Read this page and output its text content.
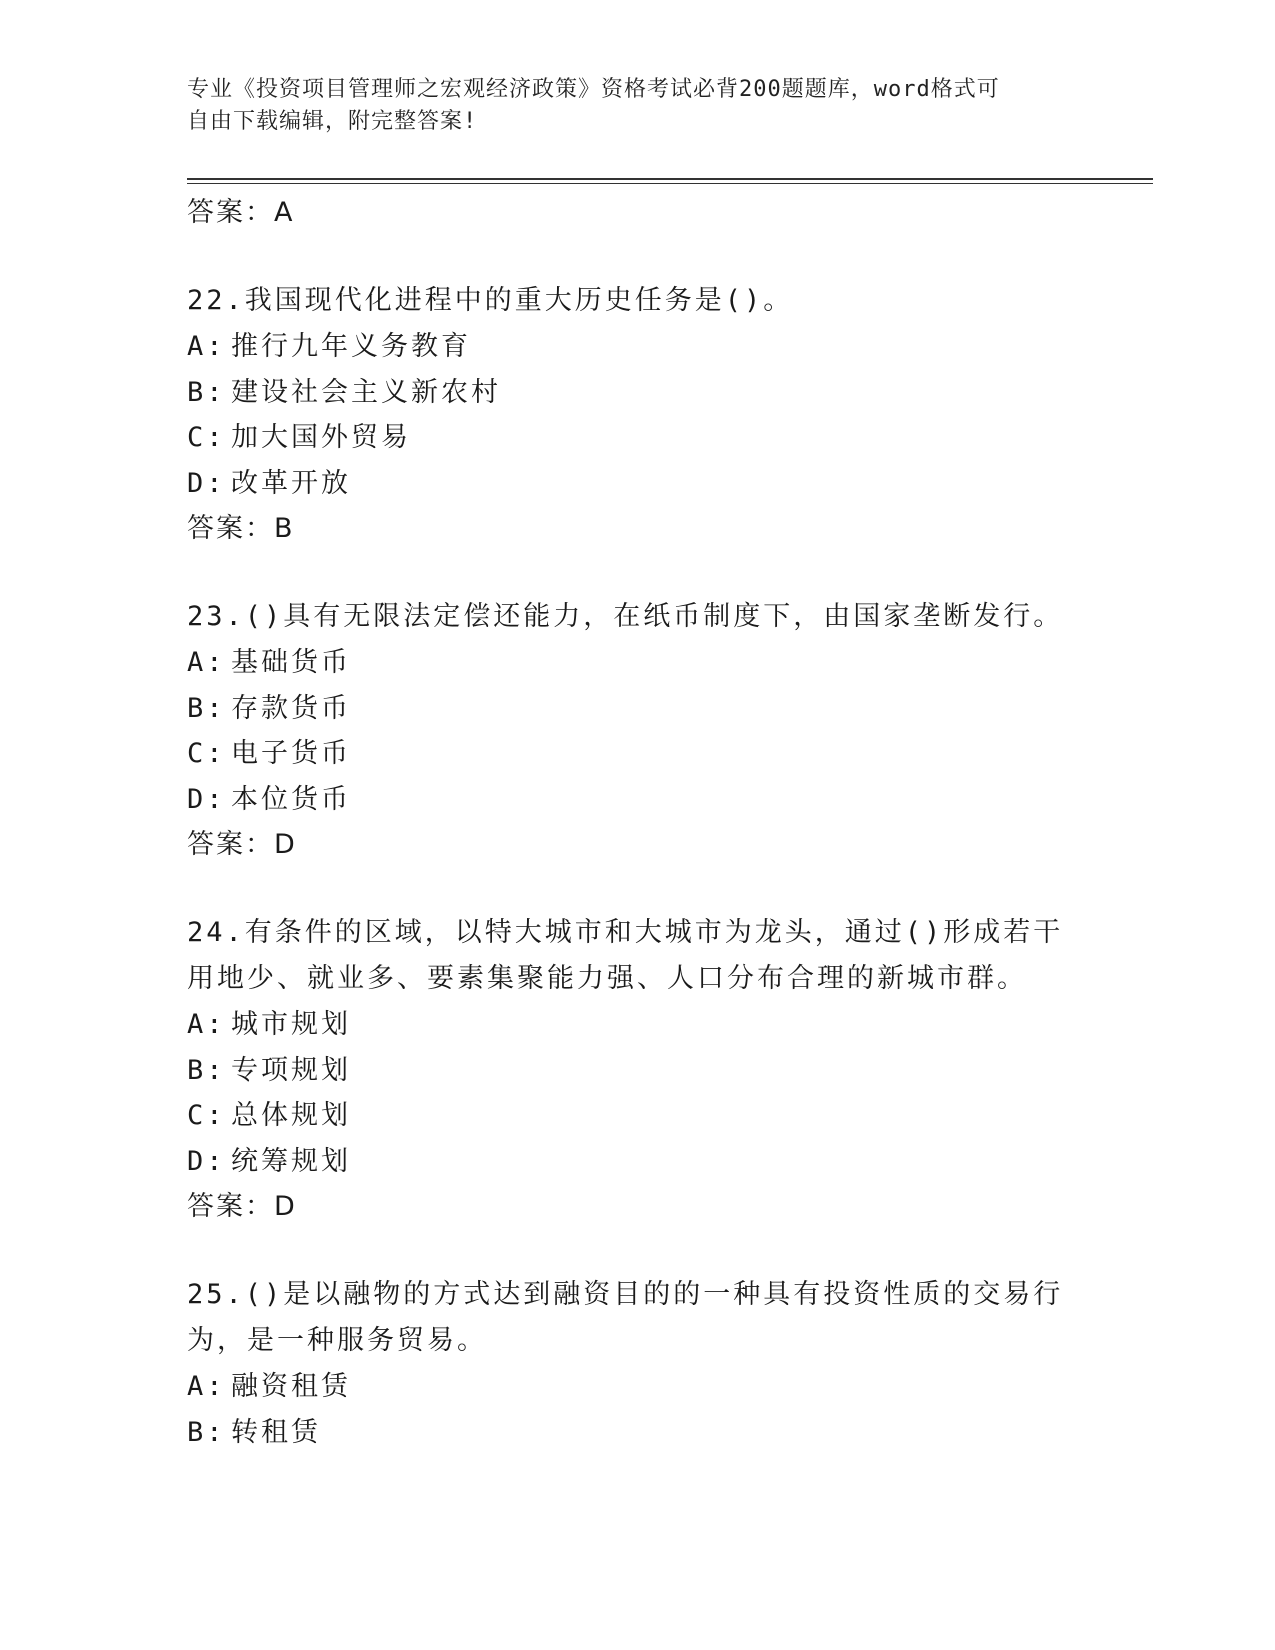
专业《投资项目管理师之宏观经济政策》资格考试必背200题题库，word格式可
自由下载编辑，附完整答案!
答案：A
22.我国现代化进程中的重大历史任务是()。
A: 推行九年义务教育
B: 建设社会主义新农村
C: 加大国外贸易
D: 改革开放
答案：B
23.()具有无限法定偿还能力，在纸币制度下，由国家垄断发行。
A: 基础货币
B: 存款货币
C: 电子货币
D: 本位货币
答案：D
24.有条件的区域，以特大城市和大城市为龙头，通过()形成若干用地少、就业多、要素集聚能力强、人口分布合理的新城市群。
A: 城市规划
B: 专项规划
C: 总体规划
D: 统筹规划
答案：D
25.()是以融物的方式达到融资目的的一种具有投资性质的交易行为，是一种服务贸易。
A: 融资租赁
B: 转租赁
